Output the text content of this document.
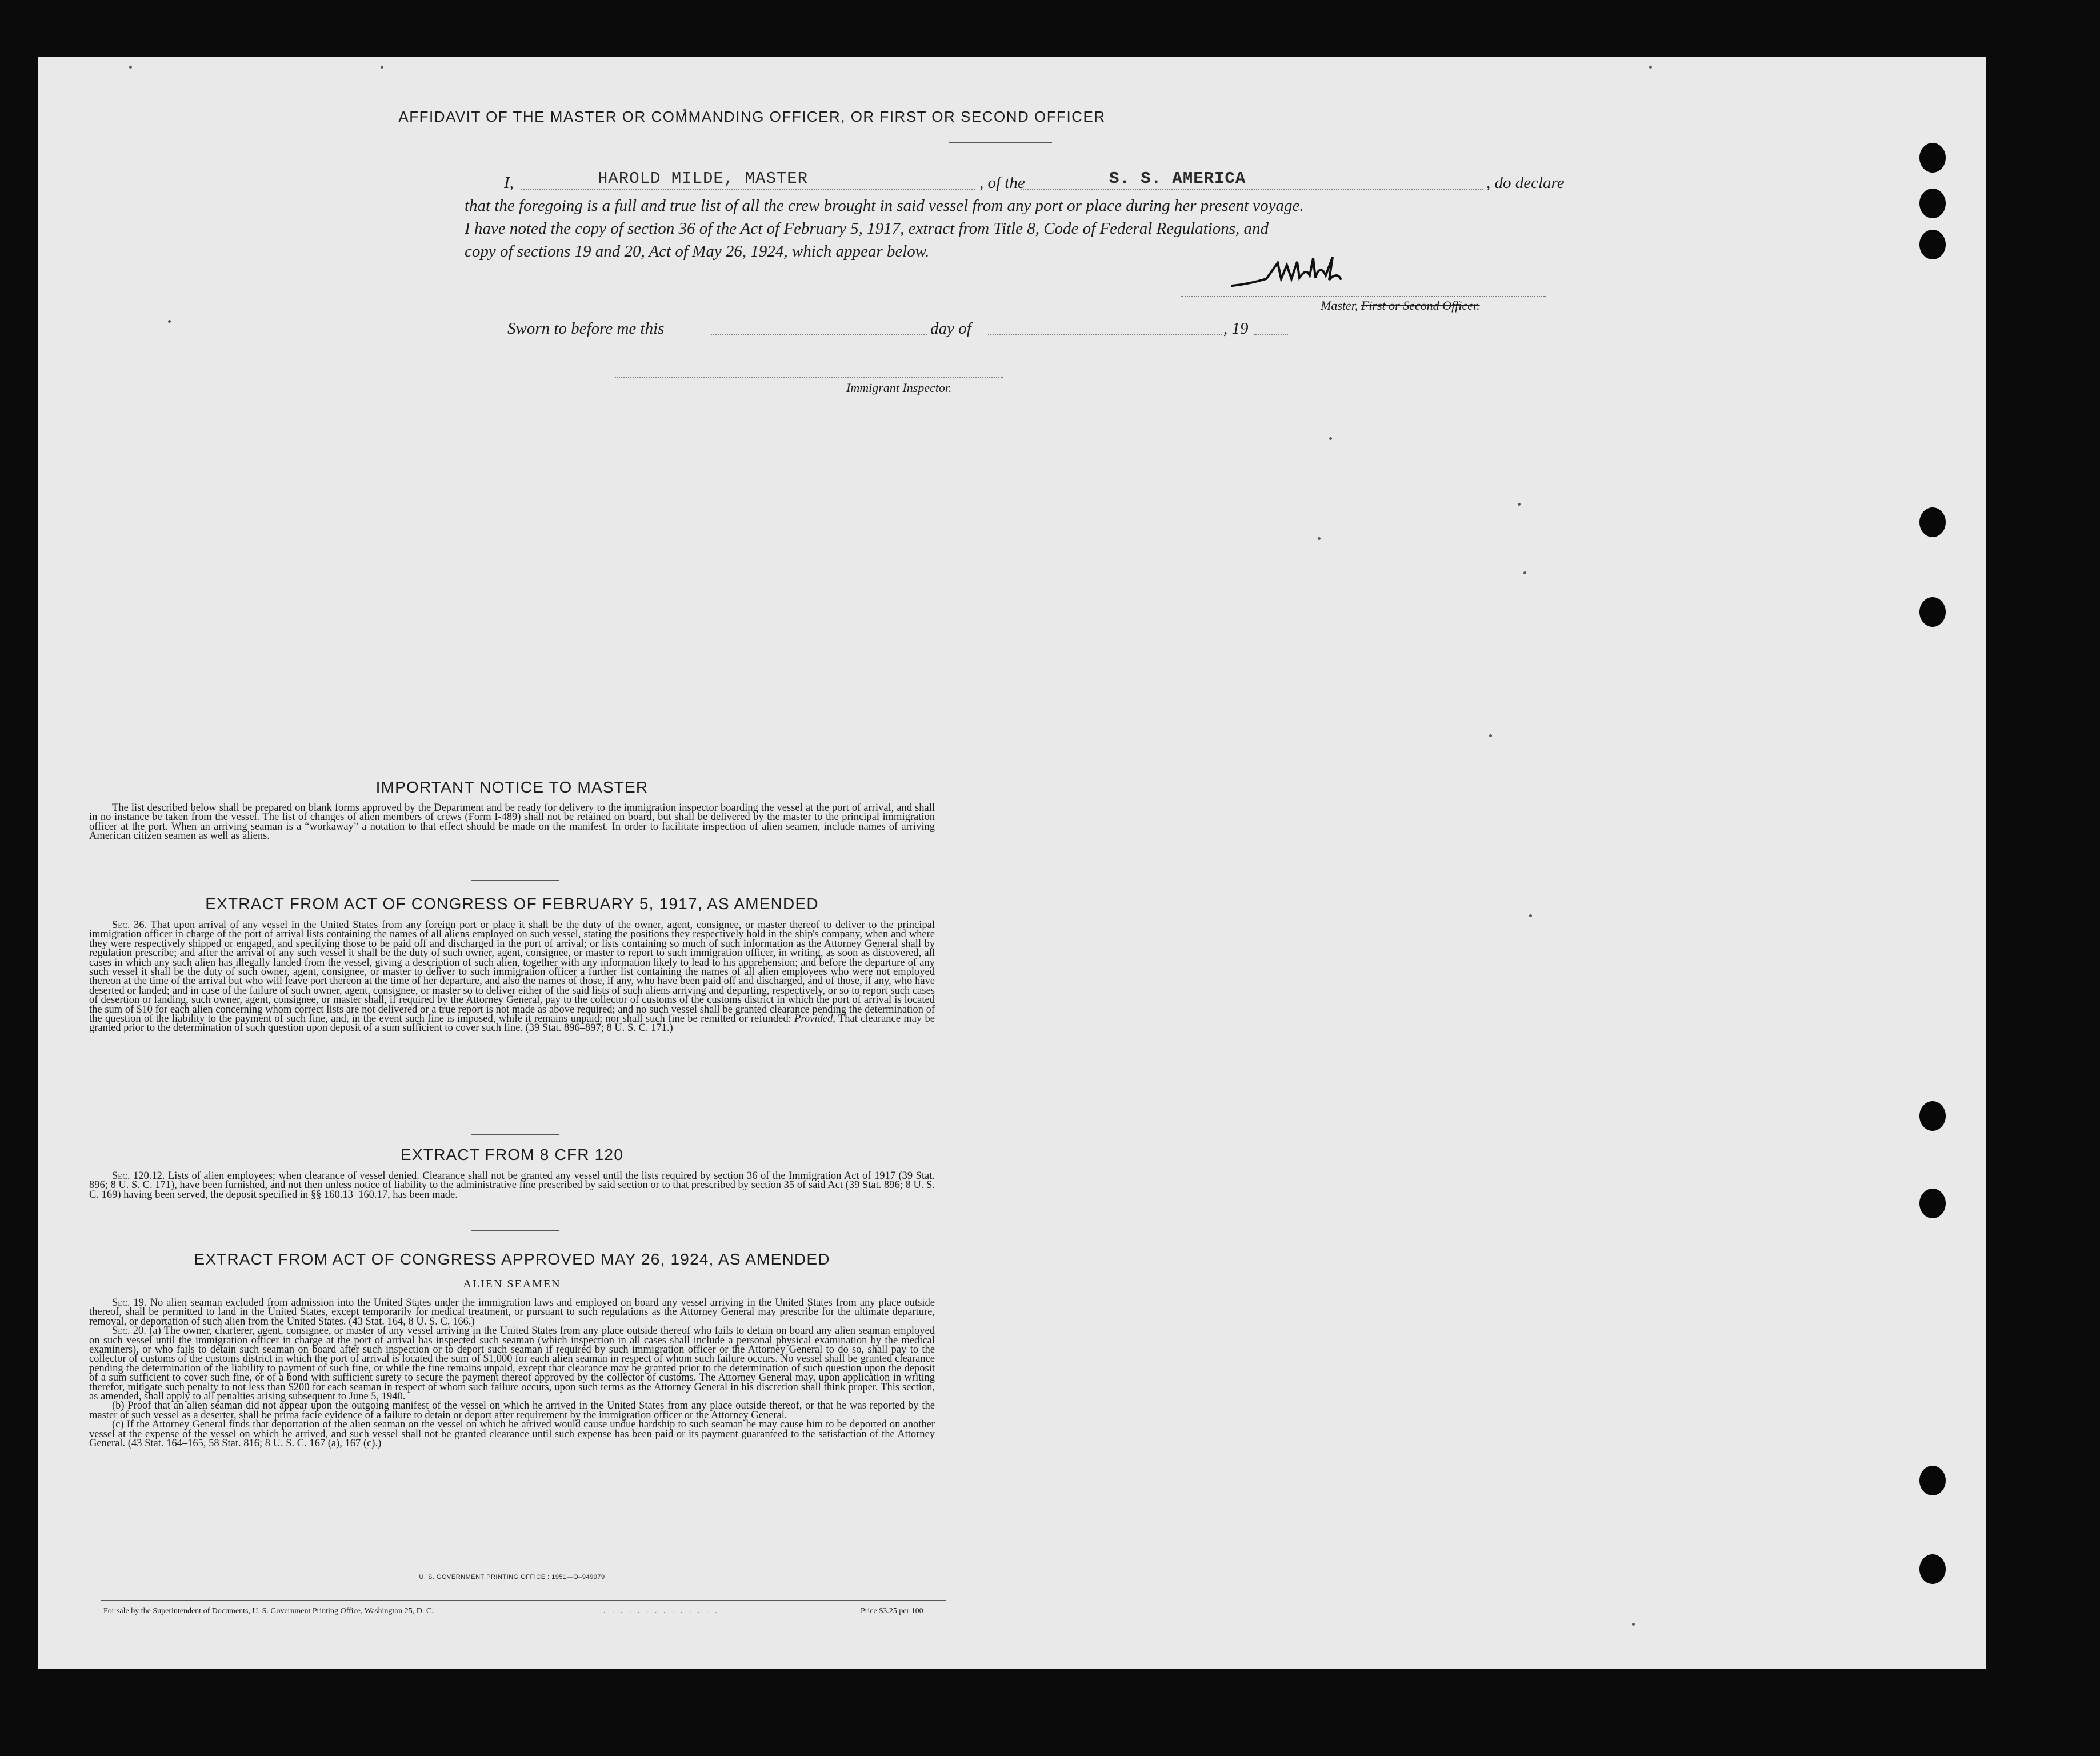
AFFIDAVIT OF THE MASTER OR COMMANDING OFFICER, OR FIRST OR SECOND OFFICER
I,	HAROLD MILDE, MASTER	, of the	S. S. AMERICA	, do declare
that the foregoing is a full and true list of all the crew brought in said vessel from any port or place during her present voyage.
I have noted the copy of section 36 of the Act of February 5, 1917, extract from Title 8, Code of Federal Regulations, and
copy of sections 19 and 20, Act of May 26, 1924, which appear below.
Master, First or Second Officer.
Sworn to before me this	day of	, 19
Immigrant Inspector.
IMPORTANT NOTICE TO MASTER

The list described below shall be prepared on blank forms approved by the Department and be ready for delivery to the immigration inspector boarding the vessel at the port of arrival, and shall in no instance be taken from the vessel. The list of changes of alien members of crews (Form I-489) shall not be retained on board, but shall be delivered by the master to the principal immigration officer at the port. When an arriving seaman is a “workaway” a notation to that effect should be made on the manifest. In order to facilitate inspection of alien seamen, include names of arriving American citizen seamen as well as aliens.

EXTRACT FROM ACT OF CONGRESS OF FEBRUARY 5, 1917, AS AMENDED

Sec. 36. That upon arrival of any vessel in the United States from any foreign port or place it shall be the duty of the owner, agent, consignee, or master thereof to deliver to the principal immigration officer in charge of the port of arrival lists containing the names of all aliens employed on such vessel, stating the positions they respectively hold in the ship's company, when and where they were respectively shipped or engaged, and specifying those to be paid off and discharged in the port of arrival; or lists containing so much of such information as the Attorney General shall by regulation prescribe; and after the arrival of any such vessel it shall be the duty of such owner, agent, consignee, or master to report to such immigration officer, in writing, as soon as discovered, all cases in which any such alien has illegally landed from the vessel, giving a description of such alien, together with any information likely to lead to his apprehension; and before the departure of any such vessel it shall be the duty of such owner, agent, consignee, or master to deliver to such immigration officer a further list containing the names of all alien employees who were not employed thereon at the time of the arrival but who will leave port thereon at the time of her departure, and also the names of those, if any, who have been paid off and discharged, and of those, if any, who have deserted or landed; and in case of the failure of such owner, agent, consignee, or master so to deliver either of the said lists of such aliens arriving and departing, respectively, or so to report such cases of desertion or landing, such owner, agent, consignee, or master shall, if required by the Attorney General, pay to the collector of customs of the customs district in which the port of arrival is located the sum of $10 for each alien concerning whom correct lists are not delivered or a true report is not made as above required; and no such vessel shall be granted clearance pending the determination of the question of the liability to the payment of such fine, and, in the event such fine is imposed, while it remains unpaid; nor shall such fine be remitted or refunded: Provided, That clearance may be granted prior to the determination of such question upon deposit of a sum sufficient to cover such fine. (39 Stat. 896–897; 8 U. S. C. 171.)

EXTRACT FROM 8 CFR 120

Sec. 120.12. Lists of alien employees; when clearance of vessel denied. Clearance shall not be granted any vessel until the lists required by section 36 of the Immigration Act of 1917 (39 Stat. 896; 8 U. S. C. 171), have been furnished, and not then unless notice of liability to the administrative fine prescribed by said section or to that prescribed by section 35 of said Act (39 Stat. 896; 8 U. S. C. 169) having been served, the deposit specified in §§ 160.13–160.17, has been made.

EXTRACT FROM ACT OF CONGRESS APPROVED MAY 26, 1924, AS AMENDED
ALIEN SEAMEN

Sec. 19. No alien seaman excluded from admission into the United States under the immigration laws and employed on board any vessel arriving in the United States from any place outside thereof, shall be permitted to land in the United States, except temporarily for medical treatment, or pursuant to such regulations as the Attorney General may prescribe for the ultimate departure, removal, or deportation of such alien from the United States. (43 Stat. 164, 8 U. S. C. 166.)

Sec. 20. (a) The owner, charterer, agent, consignee, or master of any vessel arriving in the United States from any place outside thereof who fails to detain on board any alien seaman employed on such vessel until the immigration officer in charge at the port of arrival has inspected such seaman (which inspection in all cases shall include a personal physical examination by the medical examiners), or who fails to detain such seaman on board after such inspection or to deport such seaman if required by such immigration officer or the Attorney General to do so, shall pay to the collector of customs of the customs district in which the port of arrival is located the sum of $1,000 for each alien seaman in respect of whom such failure occurs. No vessel shall be granted clearance pending the determination of the liability to payment of such fine, or while the fine remains unpaid, except that clearance may be granted prior to the determination of such question upon the deposit of a sum sufficient to cover such fine, or of a bond with sufficient surety to secure the payment thereof approved by the collector of customs. The Attorney General may, upon application in writing therefor, mitigate such penalty to not less than $200 for each seaman in respect of whom such failure occurs, upon such terms as the Attorney General in his discretion shall think proper. This section, as amended, shall apply to all penalties arising subsequent to June 5, 1940.

(b) Proof that an alien seaman did not appear upon the outgoing manifest of the vessel on which he arrived in the United States from any place outside thereof, or that he was reported by the master of such vessel as a deserter, shall be prima facie evidence of a failure to detain or deport after requirement by the immigration officer or the Attorney General.

(c) If the Attorney General finds that deportation of the alien seaman on the vessel on which he arrived would cause undue hardship to such seaman he may cause him to be deported on another vessel at the expense of the vessel on which he arrived, and such vessel shall not be granted clearance until such expense has been paid or its payment guaranteed to the satisfaction of the Attorney General. (43 Stat. 164–165, 58 Stat. 816; 8 U. S. C. 167 (a), 167 (c).)

U. S. GOVERNMENT PRINTING OFFICE : 1951—O–949079
For sale by the Superintendent of Documents, U. S. Government Printing Office, Washington 25, D. C.	. . . . . . . . . . . . . .	Price $3.25 per 100
